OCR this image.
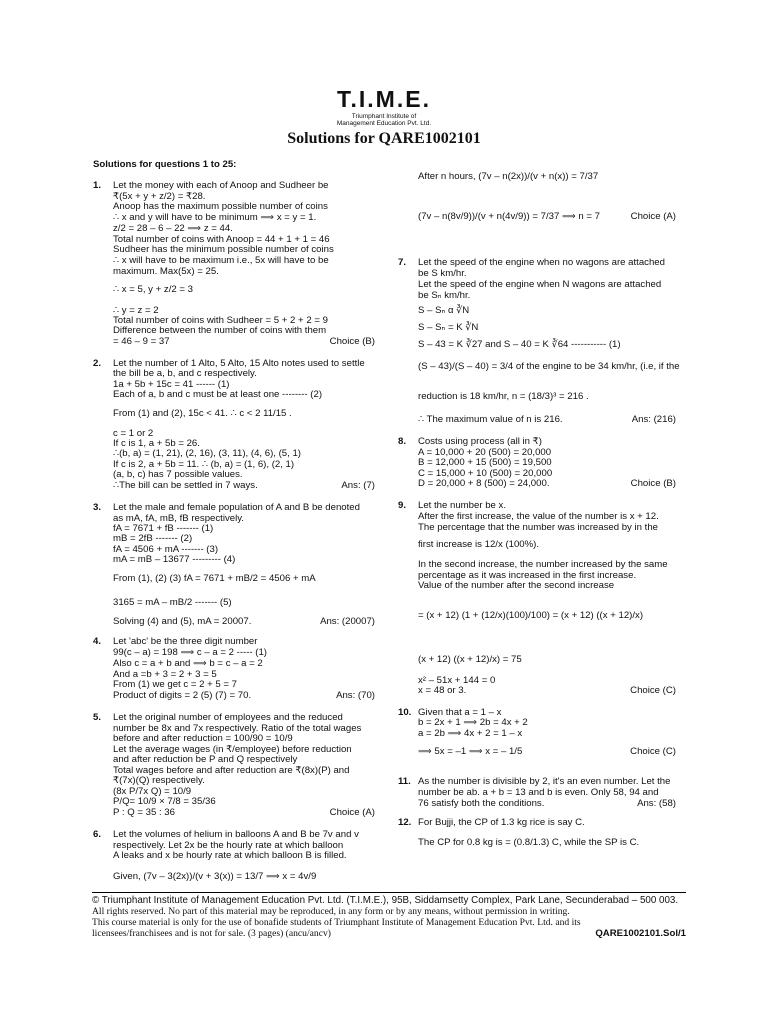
T.I.M.E.
Triumphant Institute of
Management Education Pvt. Ltd.
Solutions for QARE1002101
Solutions for questions 1 to 25:
1. Let the money with each of Anoop and Sudheer be
₹(5x + y + z/2) = ₹28.
Anoop has the maximum possible number of coins
∴ x and y will have to be minimum ⟹ x = y = 1.
z/2 = 28 – 6 – 22 ⟹ z = 44.
Total number of coins with Anoop = 44 + 1 + 1 = 46
Sudheer has the minimum possible number of coins
∴ x will have to be maximum i.e., 5x will have to be
maximum. Max(5x) = 25.
∴ x = 5, y + z/2 = 3
∴ y = z = 2
Total number of coins with Sudheer = 5 + 2 + 2 = 9
Difference between the number of coins with them
= 46 – 9 = 37	Choice (B)
2. Let the number of 1 Alto, 5 Alto, 15 Alto notes used to settle
the bill be a, b, and c respectively.
1a + 5b + 15c = 41 ------ (1)
Each of a, b and c must be at least one -------- (2)
From (1) and (2), 15c < 41. ∴ c < 2 11/15 .
c = 1 or 2
If c is 1, a + 5b = 26.
∴(b, a) = (1, 21), (2, 16), (3, 11), (4, 6), (5, 1)
If c is 2, a + 5b = 11. ∴ (b, a) = (1, 6), (2, 1)
(a, b, c) has 7 possible values.
∴The bill can be settled in 7 ways.	Ans: (7)
3. Let the male and female population of A and B be denoted
as mA, fA, mB, fB respectively.
fA = 7671 + fB ------- (1)
mB = 2fB ------- (2)
fA = 4506 + mA ------- (3)
mA = mB – 13677 --------- (4)
From (1), (2) (3) fA = 7671 + mB/2 = 4506 + mA
3165 = mA – mB/2 ------- (5)
Solving (4) and (5), mA = 20007.	Ans: (20007)
4. Let 'abc' be the three digit number
99(c – a) = 198 ⟹ c – a = 2 ----- (1)
Also c = a + b and ⟹ b = c – a = 2
And a =b + 3 = 2 + 3 = 5
From (1) we get c = 2 + 5 = 7
Product of digits = 2 (5) (7) = 70.	Ans: (70)
5. Let the original number of employees and the reduced
number be 8x and 7x respectively. Ratio of the total wages
before and after reduction = 100/90 = 10/9
Let the average wages (in ₹/employee) before reduction
and after reduction be P and Q respectively
Total wages before and after reduction are ₹(8x)(P) and
₹(7x)(Q) respectively.
(8x P/7x Q) = 10/9
P/Q= 10/9 × 7/8 = 35/36
P : Q = 35 : 36	Choice (A)
6. Let the volumes of helium in balloons A and B be 7v and v
respectively. Let 2x be the hourly rate at which balloon
A leaks and x be hourly rate at which balloon B is filled.
Given, (7v – 3(2x))/(v + 3(x)) = 13/7 ⟹ x = 4v/9
After n hours, (7v – n(2x))/(v + n(x)) = 7/37
(7v – n(8v/9))/(v + n(4v/9)) = 7/37 ⟹ n = 7	Choice (A)
7. Let the speed of the engine when no wagons are attached
be S km/hr.
Let the speed of the engine when N wagons are attached
be Sₙ km/hr.
S – Sₙ α ∛N
S – Sₙ = K ∛N
S – 43 = K ∛27 and S – 40 = K ∛64 ----------- (1)
(S – 43)/(S – 40) = 3/4 of the engine to be 34 km/hr, (i.e, if the
reduction is 18 km/hr, n = (18/3)³ = 216 .
∴ The maximum value of n is 216.	Ans: (216)
8. Costs using process (all in ₹)
A = 10,000 + 20 (500) = 20,000
B = 12,000 + 15 (500) = 19,500
C = 15,000 + 10 (500) = 20,000
D = 20,000 + 8 (500) = 24,000.	Choice (B)
9. Let the number be x.
After the first increase, the value of the number is x + 12.
The percentage that the number was increased by in the
first increase is 12/x (100%).
In the second increase, the number increased by the same
percentage as it was increased in the first increase.
Value of the number after the second increase
= (x + 12) (1 + (12/x)(100)/100) = (x + 12) ((x + 12)/x)
(x + 12) ((x + 12)/x) = 75
x² – 51x + 144 = 0
x = 48 or 3.	Choice (C)
10. Given that a = 1 – x
b = 2x + 1 ⟹ 2b = 4x + 2
a = 2b ⟹ 4x + 2 = 1 – x
⟹ 5x = –1 ⟹ x = – 1/5	Choice (C)
11. As the number is divisible by 2, it's an even number. Let the
number be ab. a + b = 13 and b is even. Only 58, 94 and
76 satisfy both the conditions.	Ans: (58)
12. For Bujji, the CP of 1.3 kg rice is say C.
The CP for 0.8 kg is = (0.8/1.3) C, while the SP is C.
© Triumphant Institute of Management Education Pvt. Ltd. (T.I.M.E.), 95B, Siddamsetty Complex, Park Lane, Secunderabad – 500 003.
All rights reserved. No part of this material may be reproduced, in any form or by any means, without permission in writing.
This course material is only for the use of bonafide students of Triumphant Institute of Management Education Pvt. Ltd. and its
licensees/franchisees and is not for sale. (3 pages) (ancu/ancv)	QARE1002101.Sol/1
